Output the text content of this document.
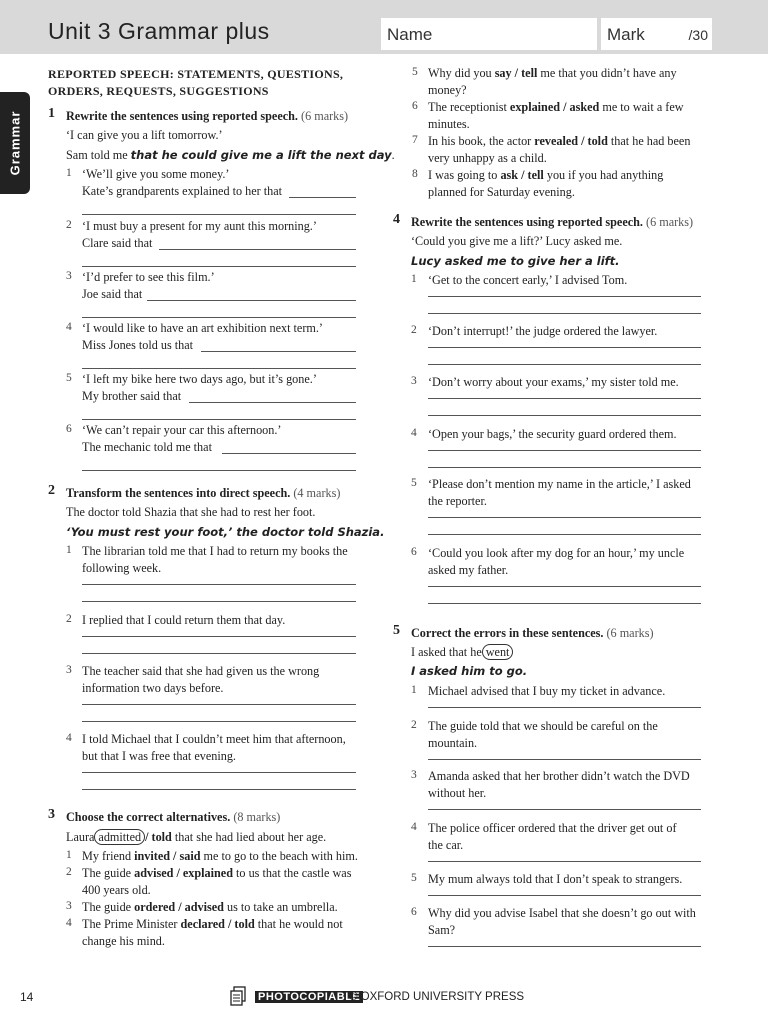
Unit 3 Grammar plus	Name	Mark	/30
Grammar
REPORTED SPEECH: STATEMENTS, QUESTIONS, ORDERS, REQUESTS, SUGGESTIONS
1 Rewrite the sentences using reported speech. (6 marks)
‘I can give you a lift tomorrow.’
Sam told me that he could give me a lift the next day.
1 ‘We’ll give you some money.’
Kate’s grandparents explained to her that
2 ‘I must buy a present for my aunt this morning.’
Clare said that
3 ‘I’d prefer to see this film.’
Joe said that
4 ‘I would like to have an art exhibition next term.’
Miss Jones told us that
5 ‘I left my bike here two days ago, but it’s gone.’
My brother said that
6 ‘We can’t repair your car this afternoon.’
The mechanic told me that
2 Transform the sentences into direct speech. (4 marks)
The doctor told Shazia that she had to rest her foot.
‘You must rest your foot,’ the doctor told Shazia.
1 The librarian told me that I had to return my books the
following week.
2 I replied that I could return them that day.
3 The teacher said that she had given us the wrong
information two days before.
4 I told Michael that I couldn’t meet him that afternoon,
but that I was free that evening.
3 Choose the correct alternatives. (8 marks)
Laura admitted / told that she had lied about her age.
1 My friend invited / said me to go to the beach with him.
2 The guide advised / explained to us that the castle was
400 years old.
3 The guide ordered / advised us to take an umbrella.
4 The Prime Minister declared / told that he would not
change his mind.
5 Why did you say / tell me that you didn’t have any
money?
6 The receptionist explained / asked me to wait a few
minutes.
7 In his book, the actor revealed / told that he had been
very unhappy as a child.
8 I was going to ask / tell you if you had anything
planned for Saturday evening.
4 Rewrite the sentences using reported speech. (6 marks)
‘Could you give me a lift?’ Lucy asked me.
Lucy asked me to give her a lift.
1 ‘Get to the concert early,’ I advised Tom.
2 ‘Don’t interrupt!’ the judge ordered the lawyer.
3 ‘Don’t worry about your exams,’ my sister told me.
4 ‘Open your bags,’ the security guard ordered them.
5 ‘Please don’t mention my name in the article,’ I asked
the reporter.
6 ‘Could you look after my dog for an hour,’ my uncle
asked my father.
5 Correct the errors in these sentences. (6 marks)
I asked that he went
I asked him to go.
1 Michael advised that I buy my ticket in advance.
2 The guide told that we should be careful on the
mountain.
3 Amanda asked that her brother didn’t watch the DVD
without her.
4 The police officer ordered that the driver get out of
the car.
5 My mum always told that I don’t speak to strangers.
6 Why did you advise Isabel that she doesn’t go out with
Sam?
14	PHOTOCOPIABLE
© OXFORD UNIVERSITY PRESS
